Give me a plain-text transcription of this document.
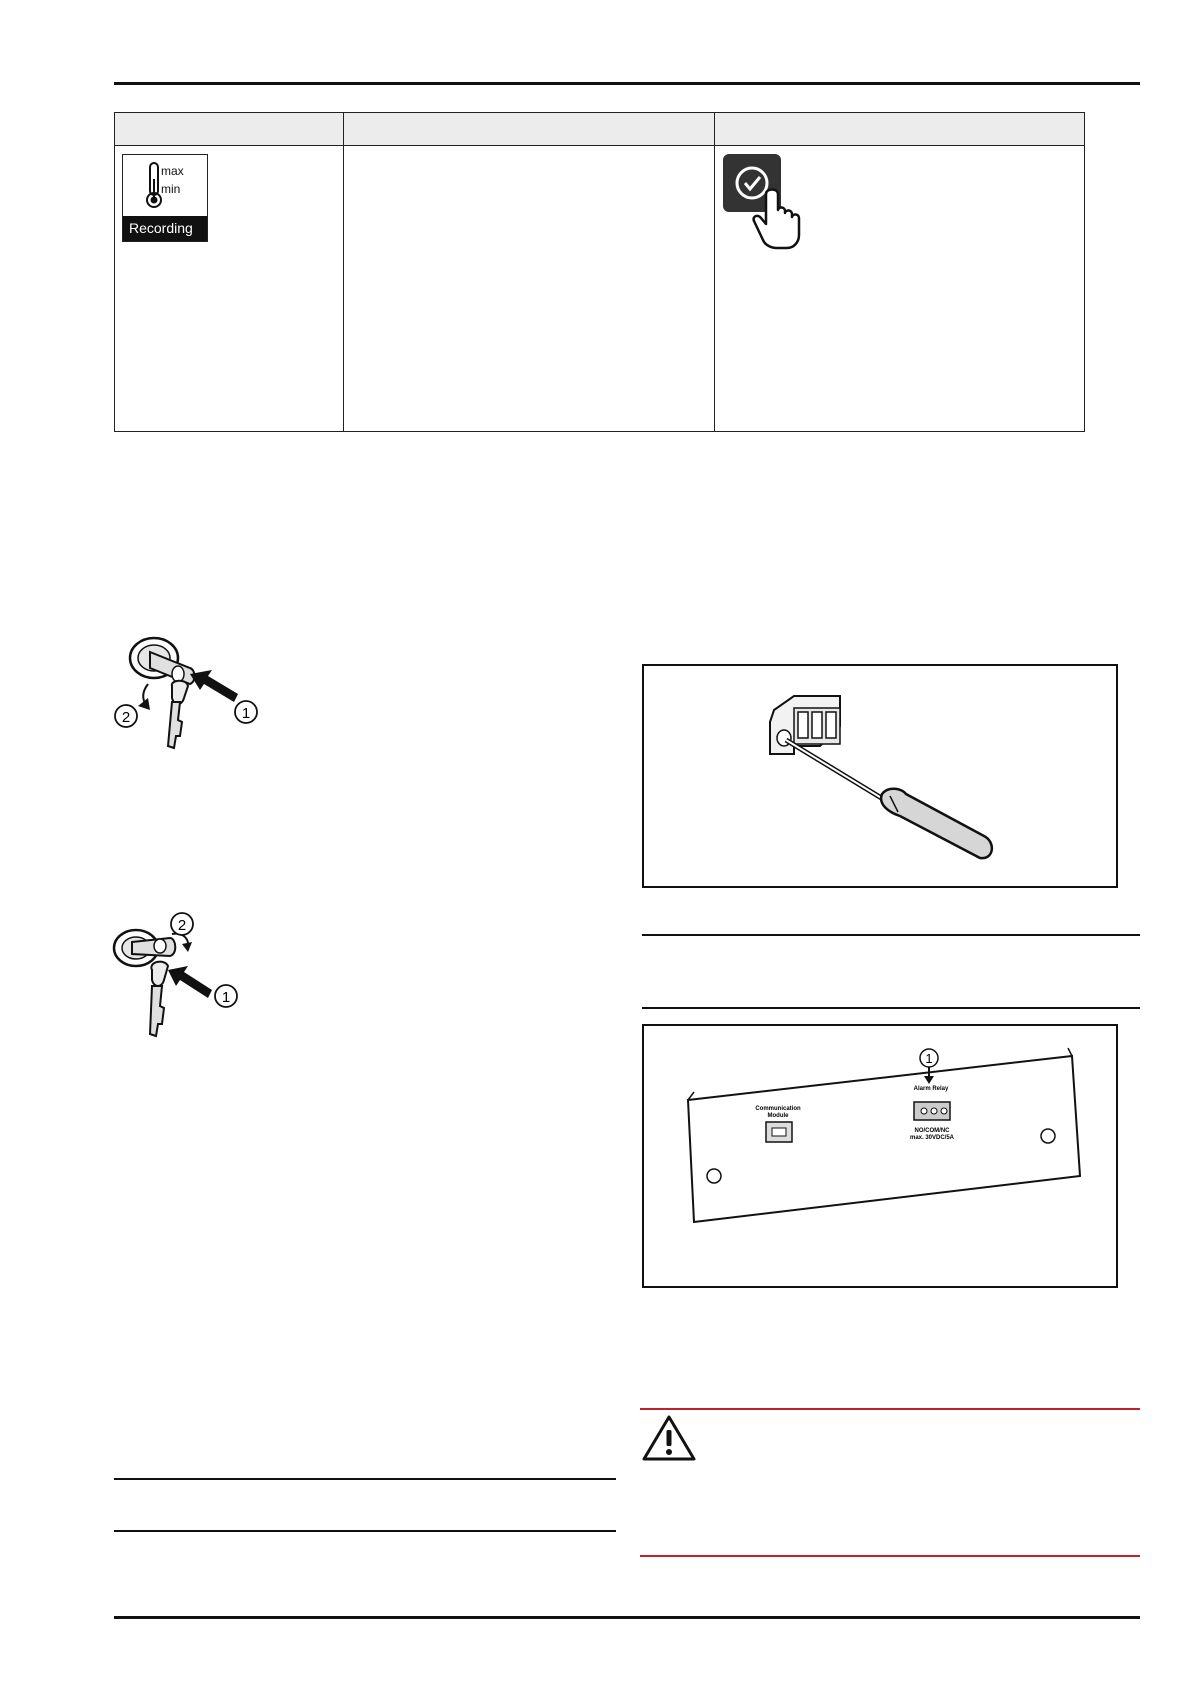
max
min
Recording

2	1
2
1
Communication
Module
Alarm Relay
NO/COM/NC
max. 30VDC/5A
1
